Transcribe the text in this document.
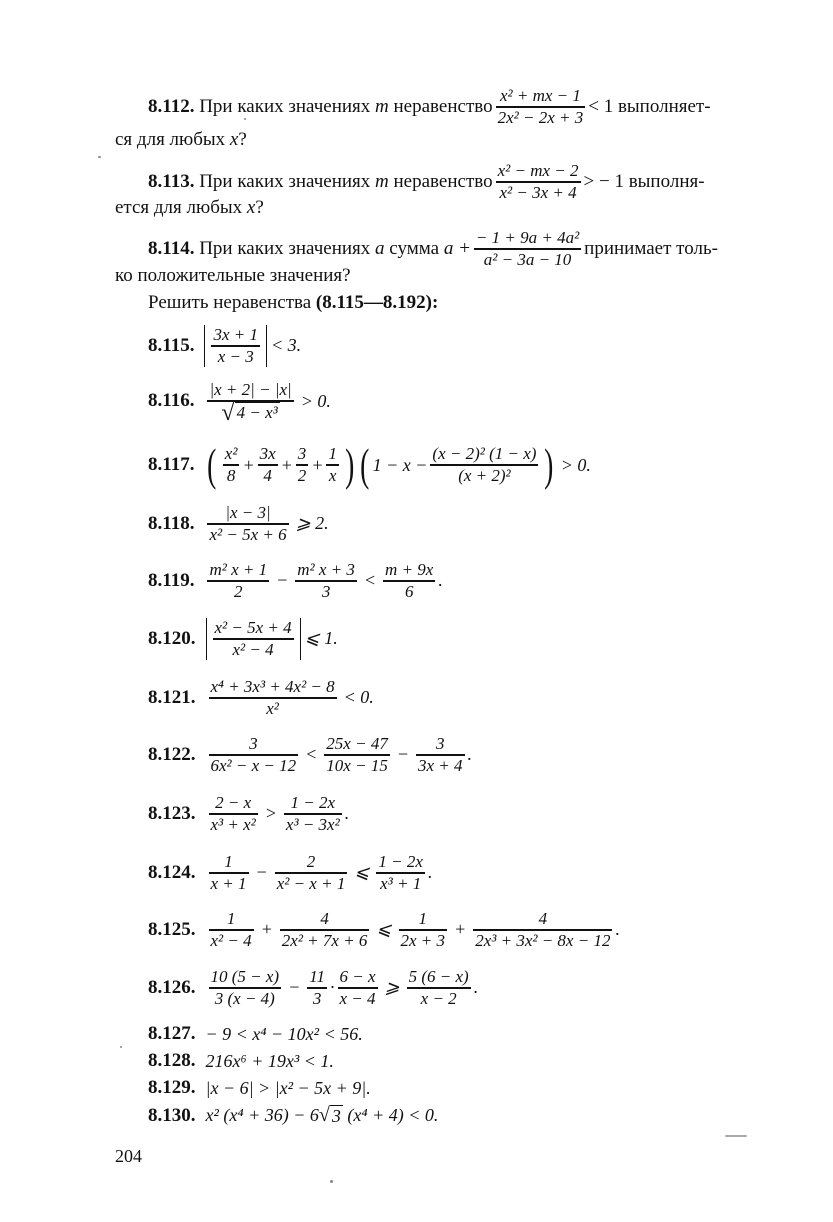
8.112.
При каких значениях
m
неравенство $\frac{\text{x² + mx − 1}}{\text{2x² − 2x + 3}} < 1$ выполняет-
ся для любых x?
8.113.
При каких значениях
m
неравенство $\frac{\text{x² − mx − 2}}{\text{x² − 3x + 4}}$ > − 1 выполня-
ется для любых x?
8.114.
При каких значениях
a
сумма
$a + \frac{\text{− 1 + 9a + 4a²}}{\text{a² − 3a − 10}}$ принимает толь-
ко положительные значения?
Решить неравенства (8.115—8.192):
8.115. $\frac{3x + 1}{x - 3} < 3$.
8.116. $\frac{|x + 2| - |x|}{\text{√ 4 − x³}} > 0$.
8.117. ( $\frac{\text{x²}}{8} + \frac{3x}{4} + \frac{3}{2} + \frac{1}{x}$ ) ( $1 - x - \frac{\text{(x − 2)² (1 − x)}}{\text{(x + 2)²}}$ ) > 0.
8.118. $\frac{|x - 3|}{\text{x² − 5x + 6}}$ ⩾ 2.
8.119. $\frac{\text{m² x + 1}}{2} - \frac{\text{m² x + 3}}{3} < \frac{m + 9x}{6}$ .
8.120. $\frac{\text{x² − 5x + 4}}{\text{x² − 4}}$ ⩽ 1.
8.121. $\frac{\text{x⁴ + 3x³ + 4x² − 8}}{\text{x²}} < 0$.
8.122. $\frac{3}{\text{6x² − x − 12}} < \frac{25x - 47}{10x - 15} - \frac{3}{3x + 4}$ .
8.123. $\frac{2 - x}{\text{x³ + x²}} > \frac{1 - 2x}{\text{x³ − 3x²}}$ .
8.124. $\frac{1}{x + 1} - \frac{2}{\text{x² − x + 1}}$ ⩽ $\frac{1 - 2x}{\text{x³ + 1}}$ .
8.125. $\frac{1}{\text{x² − 4}} + \frac{4}{\text{2x² + 7x + 6}}$ ⩽ $\frac{1}{2x + 3} + \frac{4}{\text{2x³ + 3x² − 8x − 12}}$ .
8.126. $\frac{10 (5 - x)}{3 (x - 4)} - \frac{11}{3} \cdot \frac{6 - x}{x - 4}$ ⩾ $\frac{5 (6 - x)}{x - 2}$ .
8.127. − 9 < x⁴ − 10x² < 56.
8.128. 216x⁶ + 19x³ < 1.
8.129. |x − 6| > |x² − 5x + 9|.
8.130. x² (x⁴ + 36) − 6 √ 3
(x⁴ + 4) < 0.
204
